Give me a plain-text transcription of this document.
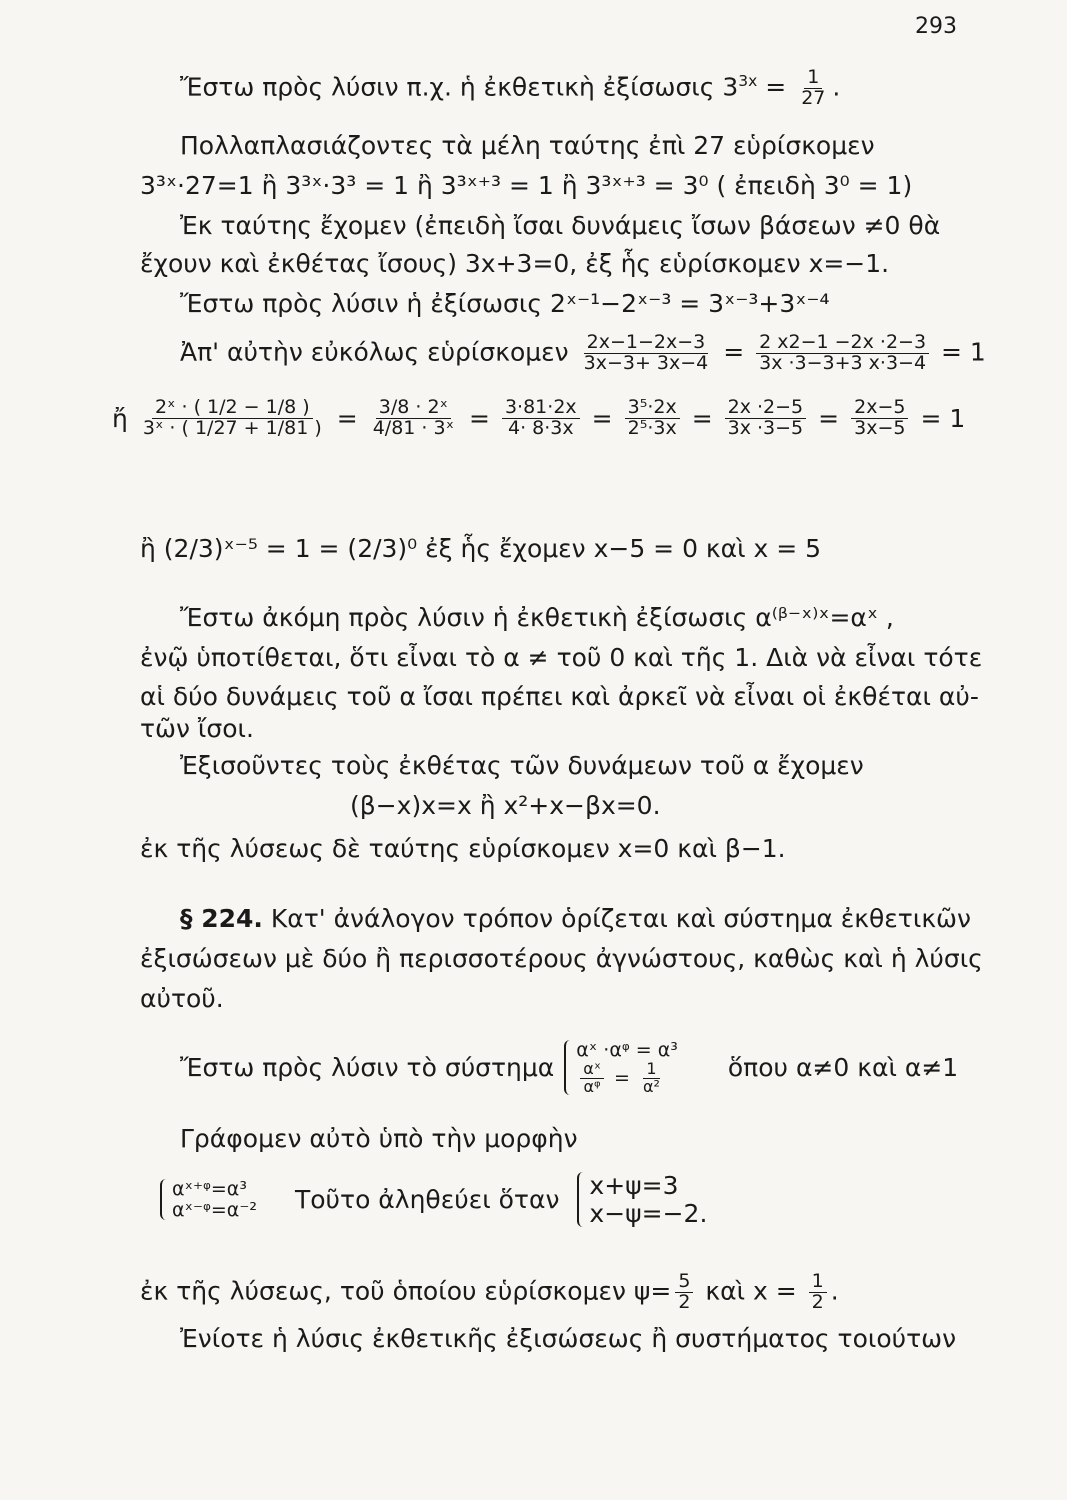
293
Ἔστω πρὸς λύσιν π.χ. ἡ ἐκθετικὴ ἐξίσωσις $3^{3x} = \frac{1}{27}$ .
Πολλαπλασιάζοντες τὰ μέλη ταύτης ἐπὶ 27 εὑρίσκομεν
3³ˣ·27=1 ἢ 3³ˣ·3³ = 1 ἢ 3³ˣ⁺³ = 1 ἢ 3³ˣ⁺³ = 3⁰ ( ἐπειδὴ 3⁰ = 1)
Ἐκ ταύτης ἔχομεν (ἐπειδὴ ἴσαι δυνάμεις ἴσων βάσεων ≠0 θὰ
ἔχουν καὶ ἐκθέτας ἴσους) 3x+3=0, ἐξ ἧς εὑρίσκομεν x=−1.
Ἔστω πρὸς λύσιν ἡ ἐξίσωσις 2ˣ⁻¹−2ˣ⁻³ = 3ˣ⁻³+3ˣ⁻⁴
Ἀπ' αὐτὴν εὐκόλως εὑρίσκομεν $\frac{2x-1-2x-3}{3x-3+ 3x-4} = \frac{2 x2-1 -2x \cdot 2-3}{3x \cdot 3-3+3 x\cdot 3-4} = 1$
ἤ $\frac{\text{2ˣ · ( 1/2 − 1/8 )}}{\text{3ˣ · ( 1/27 + 1/81 )}} = \frac{\text{3/8 · 2ˣ}}{\text{4/81 · 3ˣ}} = \frac{3\cdot 81\cdot 2x}{4\cdot 8\cdot 3x} = \frac{\text{3⁵·2x}}{\text{2⁵·3x}} = \frac{2x \cdot 2-5}{3x \cdot 3-5} = \frac{2x-5}{3x-5} = 1$
ἢ (2/3)ˣ⁻⁵ = 1 = (2/3)⁰ ἐξ ἧς ἔχομεν x−5 = 0 καὶ x = 5
Ἔστω ἀκόμη πρὸς λύσιν ἡ ἐκθετικὴ ἐξίσωσις α⁽ᵝ⁻ˣ⁾ˣ=αˣ ,
ἐνῷ ὑποτίθεται, ὅτι εἶναι τὸ α ≠ τοῦ 0 καὶ τῆς 1. Διὰ νὰ εἶναι τότε
αἱ δύο δυνάμεις τοῦ α ἴσαι πρέπει καὶ ἀρκεῖ νὰ εἶναι οἱ ἐκθέται αὐ-
τῶν ἴσοι.
Ἐξισοῦντες τοὺς ἐκθέτας τῶν δυνάμεων τοῦ α ἔχομεν
(β−x)x=x ἢ x²+x−βx=0.
ἐκ τῆς λύσεως δὲ ταύτης εὑρίσκομεν x=0 καὶ β−1.
§ 224. Κατ' ἀνάλογον τρόπον ὁρίζεται καὶ σύστημα ἐκθετικῶν
ἐξισώσεων μὲ δύο ἢ περισσοτέρους ἀγνώστους, καθὼς καὶ ἡ λύσις
αὐτοῦ.
Ἔστω πρὸς λύσιν τὸ σύστημα
αˣ ·αᵠ = α³
$\frac{\text{αˣ}}{\text{αᵠ}} = \frac{1}{\text{α²}}$	ὅπου α≠0 καὶ α≠1
Γράφομεν αὐτὸ ὑπὸ τὴν μορφὴν
αˣ⁺ᵠ=α³
αˣ⁻ᵠ=α⁻² Τοῦτο ἀληθεύει ὅταν x+ψ=3
x−ψ=−2.
ἐκ τῆς λύσεως, τοῦ ὁποίου εὑρίσκομεν $\psi= \frac{5}{2}$ καὶ $x = \frac{1}{2}$ .
Ἐνίοτε ἡ λύσις ἐκθετικῆς ἐξισώσεως ἢ συστήματος τοιούτων
